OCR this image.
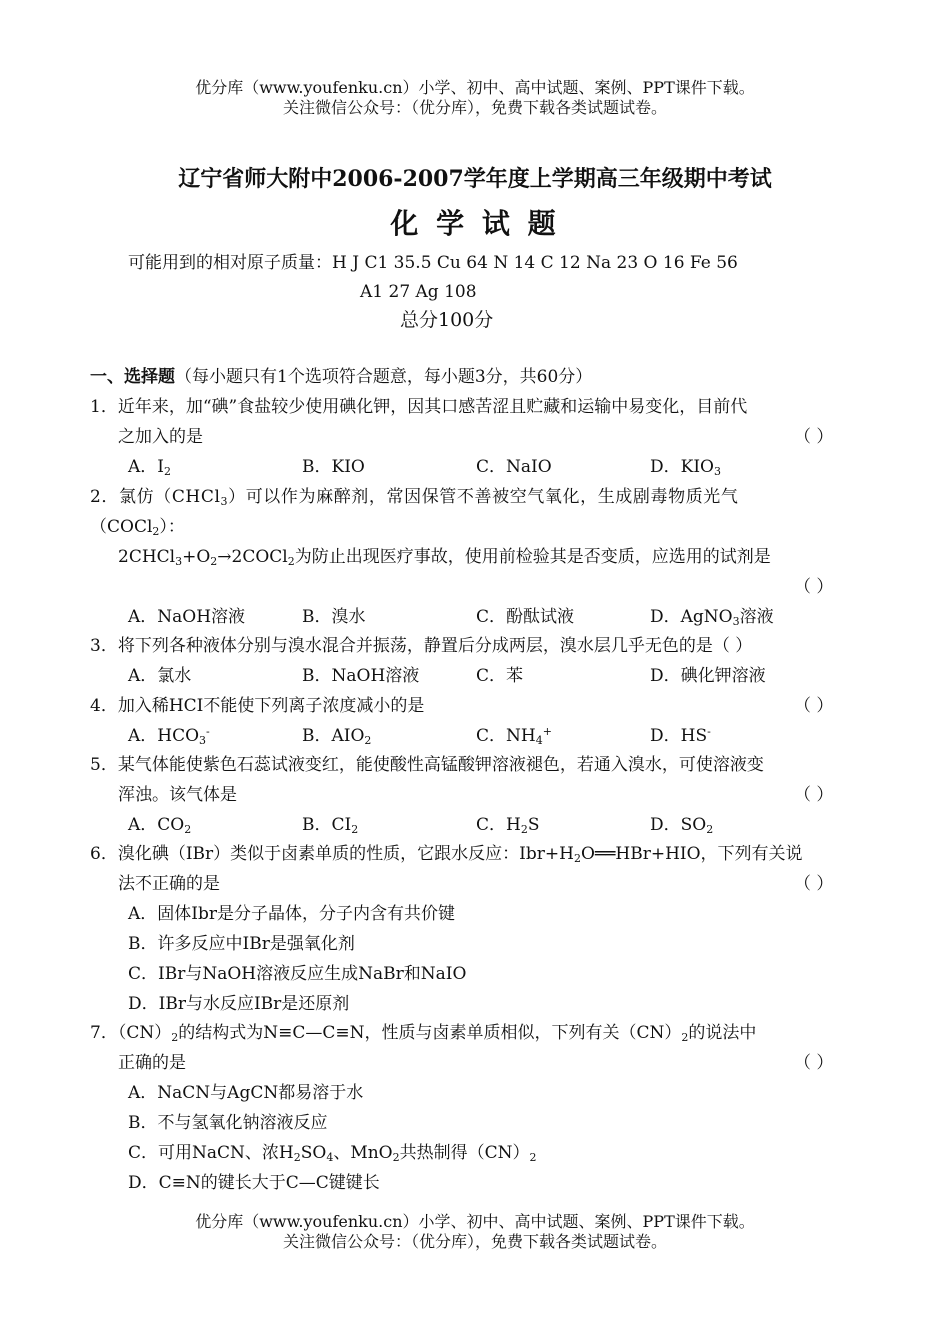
优分库（www.youfenku.cn）小学、初中、高中试题、案例、PPT课件下载。
关注微信公众号：（优分库），免费下载各类试题试卷。
辽宁省师大附中2006-2007学年度上学期高三年级期中考试
化 学 试 题
可能用到的相对原子质量：H J C1 35.5 Cu 64 N 14 C 12 Na 23 O 16 Fe 56
A1 27 Ag 108
总分100分
一、选择题（每小题只有1个选项符合题意，每小题3分，共60分）
1．近年来，加“碘”食盐较少使用碘化钾，因其口感苦涩且贮藏和运输中易变化，目前代
之加入的是	（ ）
A．$I_2$	B．KIO	C．NaIO	D．$KIO_3$
2．氯仿（CHCl$_3$）可以作为麻醉剂，常因保管不善被空气氧化，生成剧毒物质光气
（COCl$_2$）：
$2CHCl_3+O_2\to 2COCl_2$为防止出现医疗事故，使用前检验其是否变质，应选用的试剂是
（ ）
A．NaOH溶液	B．溴水	C．酚酞试液	D．AgNO$_3$溶液
3．将下列各种液体分别与溴水混合并振荡，静置后分成两层，溴水层几乎无色的是（ ）
A．氯水	B．NaOH溶液	C．苯	D．碘化钾溶液
4．加入稀HCI不能使下列离子浓度减小的是	（ ）
A．$HCO_3^-$	B．$AIO_2$	C．$NH_4^+$	D．HS-
5．某气体能使紫色石蕊试液变红，能使酸性高锰酸钾溶液褪色，若通入溴水，可使溶液变
浑浊。该气体是	（ ）
A．$CO_2$	B．$CI_2$	C．$H_2S$	D．$SO_2$
6．溴化碘（IBr）类似于卤素单质的性质，它跟水反应：$Ibr+H_2O══HBr+HIO$，下列有关说
法不正确的是	（ ）
A．固体Ibr是分子晶体，分子内含有共价键
B．许多反应中IBr是强氧化剂
C．IBr与NaOH溶液反应生成NaBr和NaIO
D．IBr与水反应IBr是还原剂
7．$(CN)_2$的结构式为N≡C—C≡N，性质与卤素单质相似，下列有关$(CN)_2$的说法中
正确的是	（ ）
A．NaCN与AgCN都易溶于水
B．不与氢氧化钠溶液反应
C．可用NaCN、浓$H_2SO_4$、MnO$_2$共热制得$(CN)_2$
D．C≡N的键长大于C—C键键长
优分库（www.youfenku.cn）小学、初中、高中试题、案例、PPT课件下载。
关注微信公众号：（优分库），免费下载各类试题试卷。
